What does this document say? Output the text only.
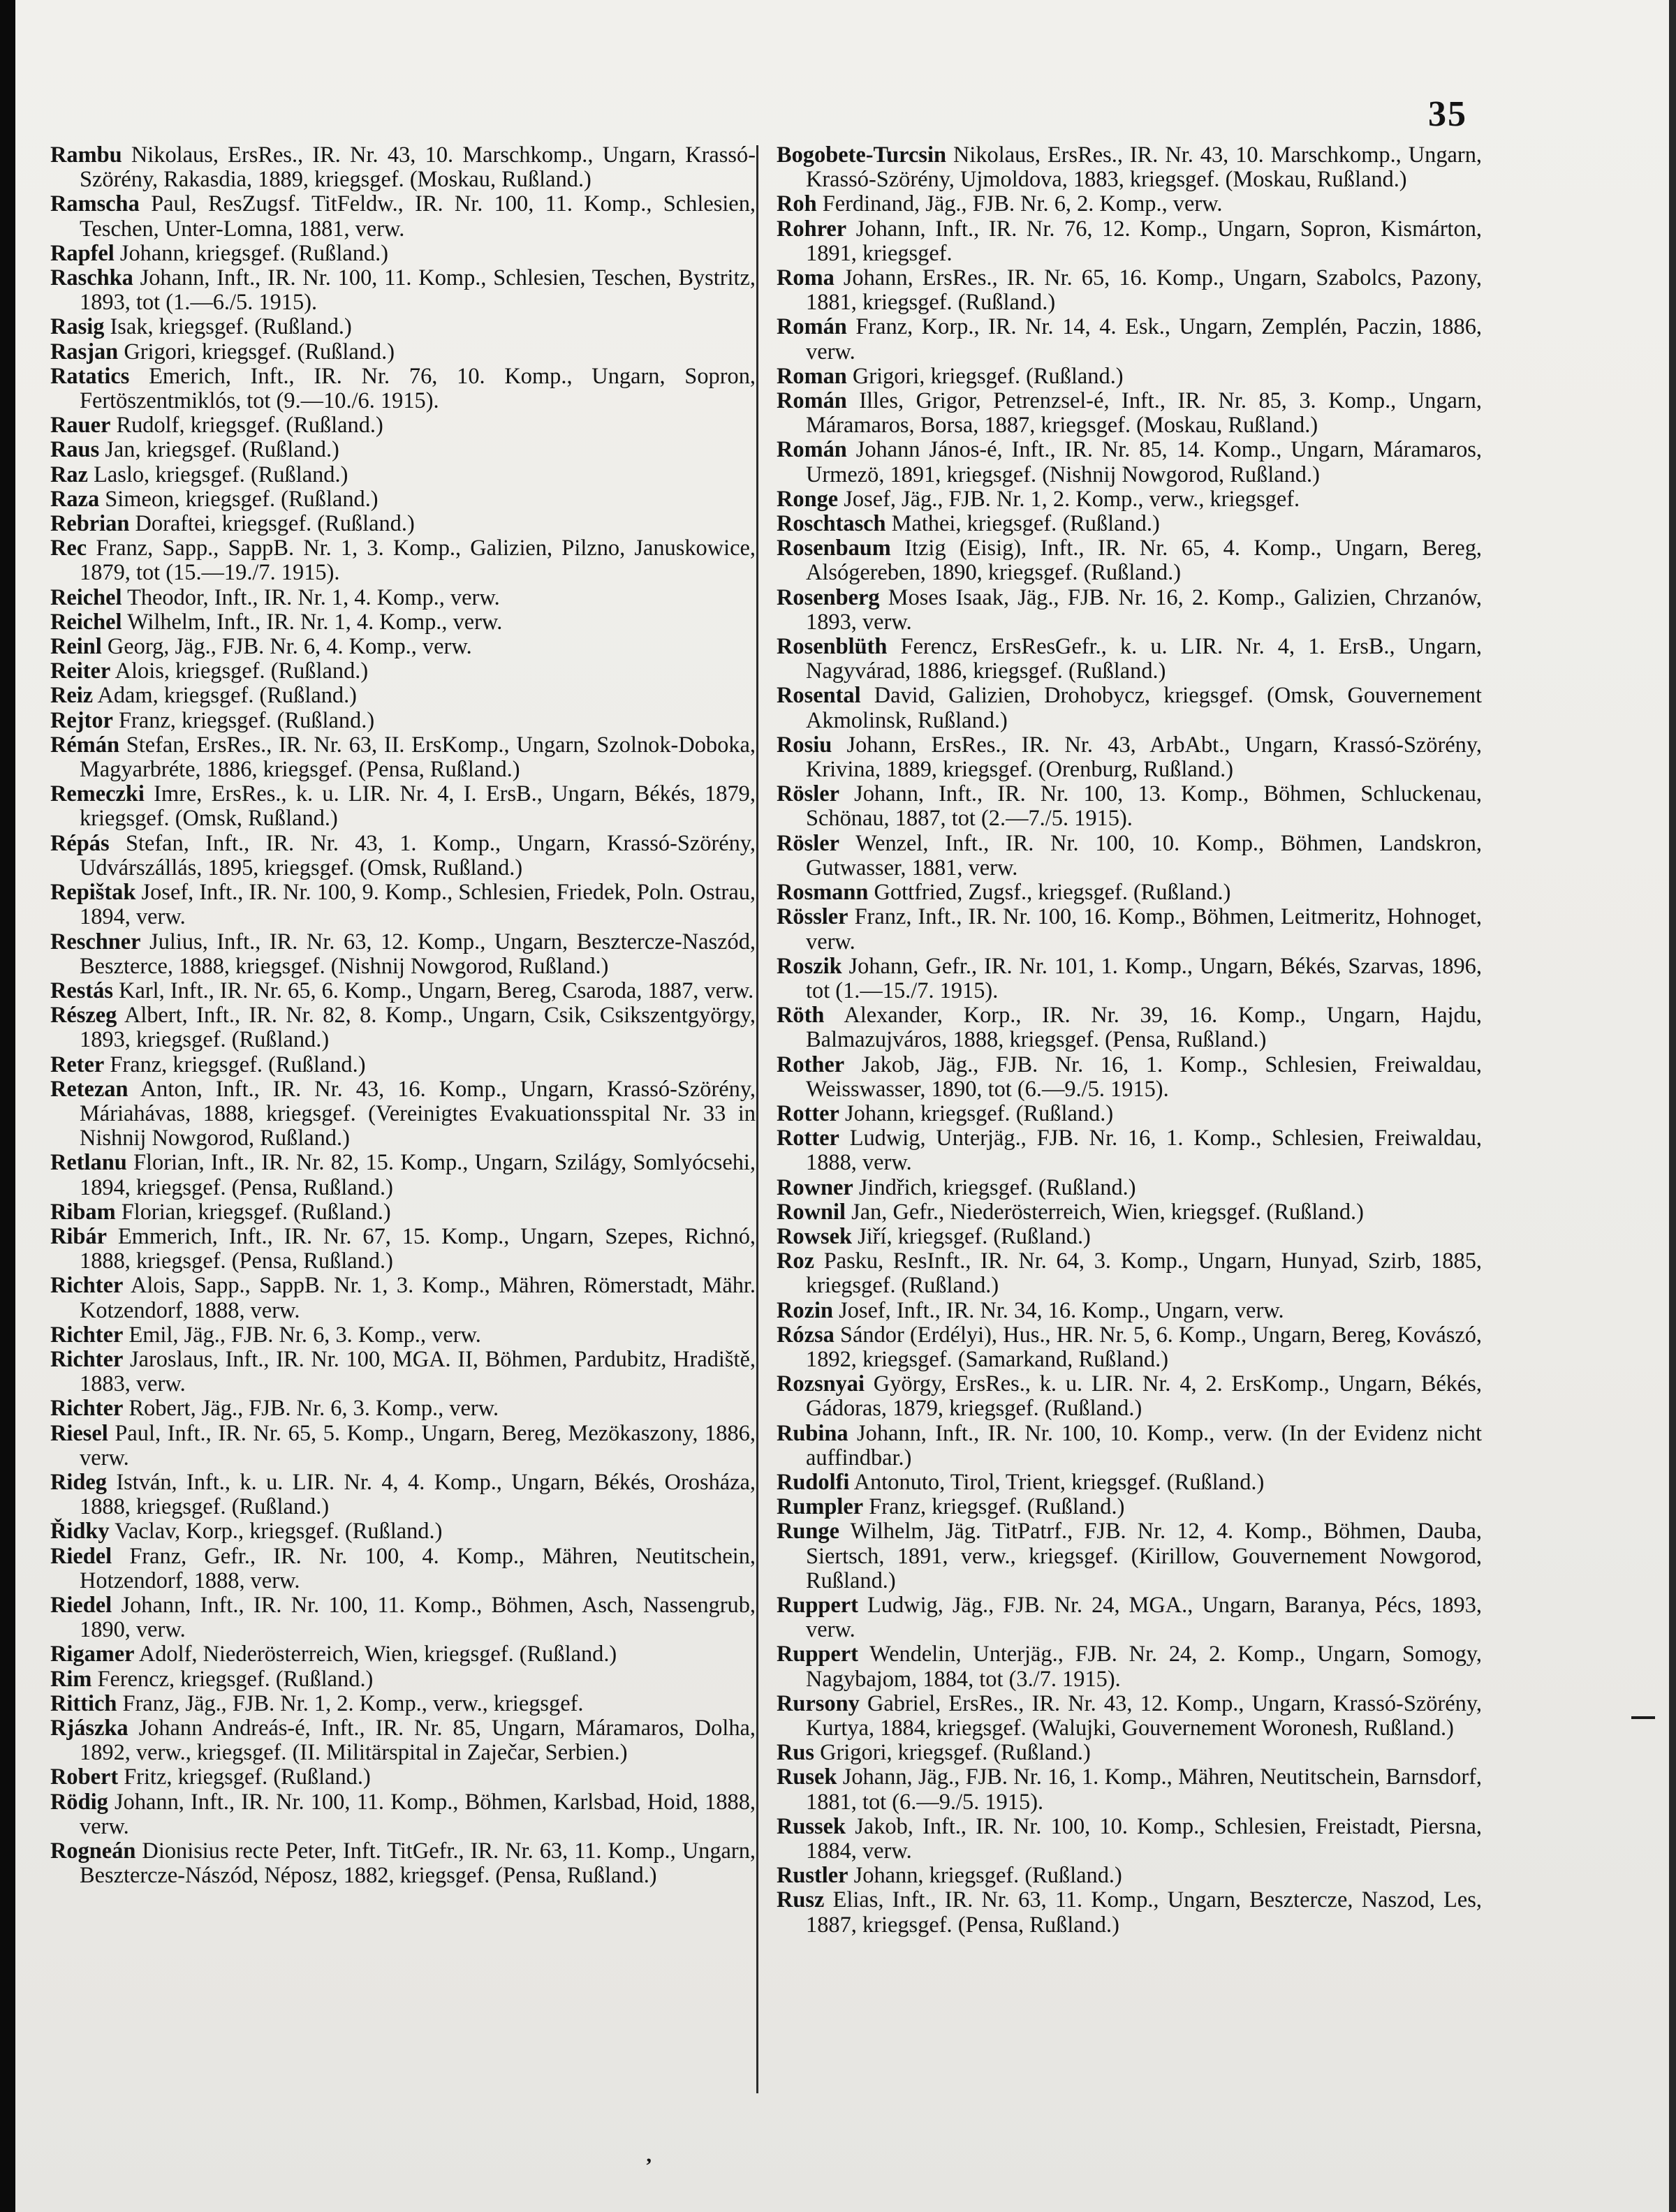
35

Rambu Nikolaus, ErsRes., IR. Nr. 43, 10. Marschkomp., Ungarn, Krassó-Szörény, Rakasdia, 1889, kriegsgef. (Moskau, Rußland.)

Ramscha Paul, ResZugsf. TitFeldw., IR. Nr. 100, 11. Komp., Schlesien, Teschen, Unter-Lomna, 1881, verw.

Rapfel Johann, kriegsgef. (Rußland.)

Raschka Johann, Inft., IR. Nr. 100, 11. Komp., Schlesien, Teschen, Bystritz, 1893, tot (1.—6./5. 1915).

Rasig Isak, kriegsgef. (Rußland.)

Rasjan Grigori, kriegsgef. (Rußland.)

Ratatics Emerich, Inft., IR. Nr. 76, 10. Komp., Ungarn, Sopron, Fertöszentmiklós, tot (9.—10./6. 1915).

Rauer Rudolf, kriegsgef. (Rußland.)

Raus Jan, kriegsgef. (Rußland.)

Raz Laslo, kriegsgef. (Rußland.)

Raza Simeon, kriegsgef. (Rußland.)

Rebrian Doraftei, kriegsgef. (Rußland.)

Rec Franz, Sapp., SappB. Nr. 1, 3. Komp., Galizien, Pilzno, Januskowice, 1879, tot (15.—19./7. 1915).

Reichel Theodor, Inft., IR. Nr. 1, 4. Komp., verw.

Reichel Wilhelm, Inft., IR. Nr. 1, 4. Komp., verw.

Reinl Georg, Jäg., FJB. Nr. 6, 4. Komp., verw.

Reiter Alois, kriegsgef. (Rußland.)

Reiz Adam, kriegsgef. (Rußland.)

Rejtor Franz, kriegsgef. (Rußland.)

Rémán Stefan, ErsRes., IR. Nr. 63, II. ErsKomp., Ungarn, Szolnok-Doboka, Magyarbréte, 1886, kriegsgef. (Pensa, Rußland.)

Remeczki Imre, ErsRes., k. u. LIR. Nr. 4, I. ErsB., Ungarn, Békés, 1879, kriegsgef. (Omsk, Rußland.)

Répás Stefan, Inft., IR. Nr. 43, 1. Komp., Ungarn, Krassó-Szörény, Udvárszállás, 1895, kriegsgef. (Omsk, Rußland.)

Repištak Josef, Inft., IR. Nr. 100, 9. Komp., Schlesien, Friedek, Poln. Ostrau, 1894, verw.

Reschner Julius, Inft., IR. Nr. 63, 12. Komp., Ungarn, Besztercze-Naszód, Beszterce, 1888, kriegsgef. (Nishnij Nowgorod, Rußland.)

Restás Karl, Inft., IR. Nr. 65, 6. Komp., Ungarn, Bereg, Csaroda, 1887, verw.

Részeg Albert, Inft., IR. Nr. 82, 8. Komp., Ungarn, Csik, Csikszentgyörgy, 1893, kriegsgef. (Rußland.)

Reter Franz, kriegsgef. (Rußland.)

Retezan Anton, Inft., IR. Nr. 43, 16. Komp., Ungarn, Krassó-Szörény, Máriahávas, 1888, kriegsgef. (Vereinigtes Evakuationsspital Nr. 33 in Nishnij Nowgorod, Rußland.)

Retlanu Florian, Inft., IR. Nr. 82, 15. Komp., Ungarn, Szilágy, Somlyócsehi, 1894, kriegsgef. (Pensa, Rußland.)

Ribam Florian, kriegsgef. (Rußland.)

Ribár Emmerich, Inft., IR. Nr. 67, 15. Komp., Ungarn, Szepes, Richnó, 1888, kriegsgef. (Pensa, Rußland.)

Richter Alois, Sapp., SappB. Nr. 1, 3. Komp., Mähren, Römerstadt, Mähr. Kotzendorf, 1888, verw.

Richter Emil, Jäg., FJB. Nr. 6, 3. Komp., verw.

Richter Jaroslaus, Inft., IR. Nr. 100, MGA. II, Böhmen, Pardubitz, Hradiště, 1883, verw.

Richter Robert, Jäg., FJB. Nr. 6, 3. Komp., verw.

Riesel Paul, Inft., IR. Nr. 65, 5. Komp., Ungarn, Bereg, Mezökaszony, 1886, verw.

Rideg István, Inft., k. u. LIR. Nr. 4, 4. Komp., Ungarn, Békés, Orosháza, 1888, kriegsgef. (Rußland.)

Řidky Vaclav, Korp., kriegsgef. (Rußland.)

Riedel Franz, Gefr., IR. Nr. 100, 4. Komp., Mähren, Neutitschein, Hotzendorf, 1888, verw.

Riedel Johann, Inft., IR. Nr. 100, 11. Komp., Böhmen, Asch, Nassengrub, 1890, verw.

Rigamer Adolf, Niederösterreich, Wien, kriegsgef. (Rußland.)

Rim Ferencz, kriegsgef. (Rußland.)

Rittich Franz, Jäg., FJB. Nr. 1, 2. Komp., verw., kriegsgef.

Rjászka Johann Andreás-é, Inft., IR. Nr. 85, Ungarn, Máramaros, Dolha, 1892, verw., kriegsgef. (II. Militärspital in Zaječar, Serbien.)

Robert Fritz, kriegsgef. (Rußland.)

Rödig Johann, Inft., IR. Nr. 100, 11. Komp., Böhmen, Karlsbad, Hoid, 1888, verw.

Rogneán Dionisius recte Peter, Inft. TitGefr., IR. Nr. 63, 11. Komp., Ungarn, Besztercze-Nászód, Néposz, 1882, kriegsgef. (Pensa, Rußland.)

Bogobete-Turcsin Nikolaus, ErsRes., IR. Nr. 43, 10. Marschkomp., Ungarn, Krassó-Szörény, Ujmoldova, 1883, kriegsgef. (Moskau, Rußland.)

Roh Ferdinand, Jäg., FJB. Nr. 6, 2. Komp., verw.

Rohrer Johann, Inft., IR. Nr. 76, 12. Komp., Ungarn, Sopron, Kismárton, 1891, kriegsgef.

Roma Johann, ErsRes., IR. Nr. 65, 16. Komp., Ungarn, Szabolcs, Pazony, 1881, kriegsgef. (Rußland.)

Román Franz, Korp., IR. Nr. 14, 4. Esk., Ungarn, Zemplén, Paczin, 1886, verw.

Roman Grigori, kriegsgef. (Rußland.)

Román Illes, Grigor, Petrenzsel-é, Inft., IR. Nr. 85, 3. Komp., Ungarn, Máramaros, Borsa, 1887, kriegsgef. (Moskau, Rußland.)

Román Johann János-é, Inft., IR. Nr. 85, 14. Komp., Ungarn, Máramaros, Urmezö, 1891, kriegsgef. (Nishnij Nowgorod, Rußland.)

Ronge Josef, Jäg., FJB. Nr. 1, 2. Komp., verw., kriegsgef.

Roschtasch Mathei, kriegsgef. (Rußland.)

Rosenbaum Itzig (Eisig), Inft., IR. Nr. 65, 4. Komp., Ungarn, Bereg, Alsógereben, 1890, kriegsgef. (Rußland.)

Rosenberg Moses Isaak, Jäg., FJB. Nr. 16, 2. Komp., Galizien, Chrzanów, 1893, verw.

Rosenblüth Ferencz, ErsResGefr., k. u. LIR. Nr. 4, 1. ErsB., Ungarn, Nagyvárad, 1886, kriegsgef. (Rußland.)

Rosental David, Galizien, Drohobycz, kriegsgef. (Omsk, Gouvernement Akmolinsk, Rußland.)

Rosiu Johann, ErsRes., IR. Nr. 43, ArbAbt., Ungarn, Krassó-Szörény, Krivina, 1889, kriegsgef. (Orenburg, Rußland.)

Rösler Johann, Inft., IR. Nr. 100, 13. Komp., Böhmen, Schluckenau, Schönau, 1887, tot (2.—7./5. 1915).

Rösler Wenzel, Inft., IR. Nr. 100, 10. Komp., Böhmen, Landskron, Gutwasser, 1881, verw.

Rosmann Gottfried, Zugsf., kriegsgef. (Rußland.)

Rössler Franz, Inft., IR. Nr. 100, 16. Komp., Böhmen, Leitmeritz, Hohnoget, verw.

Roszik Johann, Gefr., IR. Nr. 101, 1. Komp., Ungarn, Békés, Szarvas, 1896, tot (1.—15./7. 1915).

Röth Alexander, Korp., IR. Nr. 39, 16. Komp., Ungarn, Hajdu, Balmazujváros, 1888, kriegsgef. (Pensa, Rußland.)

Rother Jakob, Jäg., FJB. Nr. 16, 1. Komp., Schlesien, Freiwaldau, Weisswasser, 1890, tot (6.—9./5. 1915).

Rotter Johann, kriegsgef. (Rußland.)

Rotter Ludwig, Unterjäg., FJB. Nr. 16, 1. Komp., Schlesien, Freiwaldau, 1888, verw.

Rowner Jindřich, kriegsgef. (Rußland.)

Rownil Jan, Gefr., Niederösterreich, Wien, kriegsgef. (Rußland.)

Rowsek Jiří, kriegsgef. (Rußland.)

Roz Pasku, ResInft., IR. Nr. 64, 3. Komp., Ungarn, Hunyad, Szirb, 1885, kriegsgef. (Rußland.)

Rozin Josef, Inft., IR. Nr. 34, 16. Komp., Ungarn, verw.

Rózsa Sándor (Erdélyi), Hus., HR. Nr. 5, 6. Komp., Ungarn, Bereg, Kovászó, 1892, kriegsgef. (Samarkand, Rußland.)

Rozsnyai György, ErsRes., k. u. LIR. Nr. 4, 2. ErsKomp., Ungarn, Békés, Gádoras, 1879, kriegsgef. (Rußland.)

Rubina Johann, Inft., IR. Nr. 100, 10. Komp., verw. (In der Evidenz nicht auffindbar.)

Rudolfi Antonuto, Tirol, Trient, kriegsgef. (Rußland.)

Rumpler Franz, kriegsgef. (Rußland.)

Runge Wilhelm, Jäg. TitPatrf., FJB. Nr. 12, 4. Komp., Böhmen, Dauba, Siertsch, 1891, verw., kriegsgef. (Kirillow, Gouvernement Nowgorod, Rußland.)

Ruppert Ludwig, Jäg., FJB. Nr. 24, MGA., Ungarn, Baranya, Pécs, 1893, verw.

Ruppert Wendelin, Unterjäg., FJB. Nr. 24, 2. Komp., Ungarn, Somogy, Nagybajom, 1884, tot (3./7. 1915).

Rursony Gabriel, ErsRes., IR. Nr. 43, 12. Komp., Ungarn, Krassó-Szörény, Kurtya, 1884, kriegsgef. (Walujki, Gouvernement Woronesh, Rußland.)

Rus Grigori, kriegsgef. (Rußland.)

Rusek Johann, Jäg., FJB. Nr. 16, 1. Komp., Mähren, Neutitschein, Barnsdorf, 1881, tot (6.—9./5. 1915).

Russek Jakob, Inft., IR. Nr. 100, 10. Komp., Schlesien, Freistadt, Piersna, 1884, verw.

Rustler Johann, kriegsgef. (Rußland.)

Rusz Elias, Inft., IR. Nr. 63, 11. Komp., Ungarn, Besztercze, Naszod, Les, 1887, kriegsgef. (Pensa, Rußland.)

’
